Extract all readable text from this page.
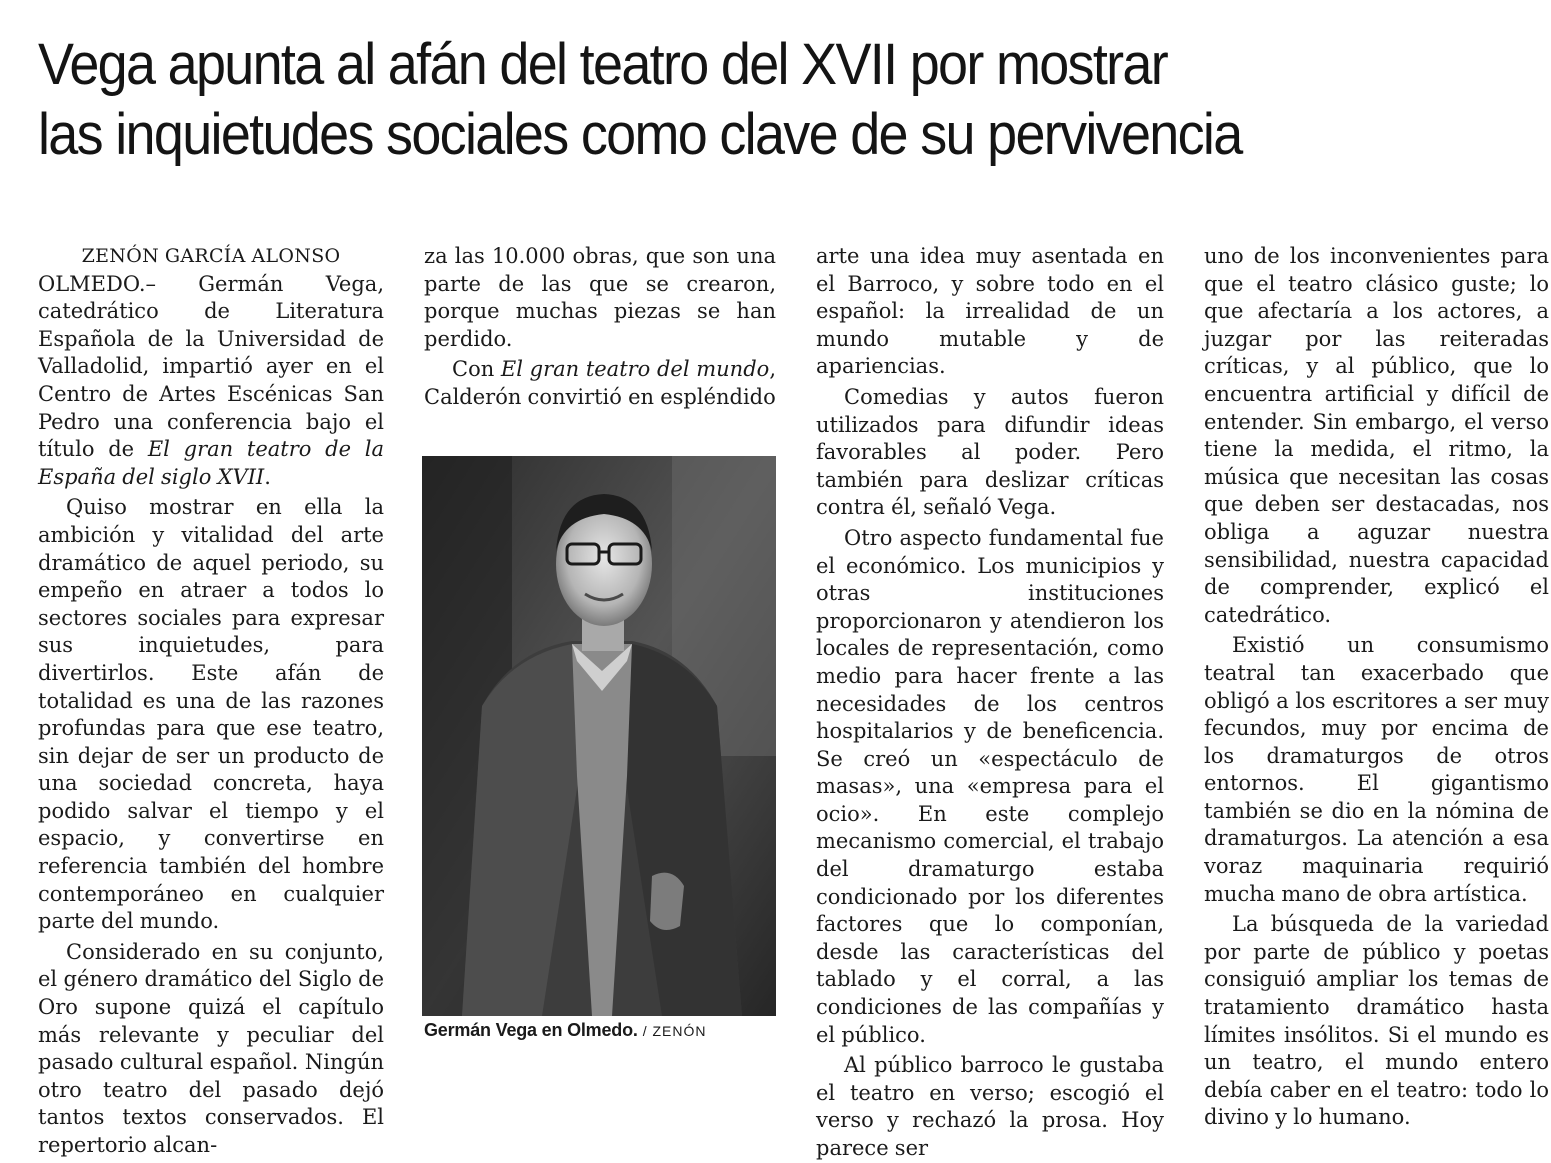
Vega apunta al afán del teatro del XVII por mostrar
las inquietudes sociales como clave de su pervivencia

ZENÓN GARCÍA ALONSO

OLMEDO.– Germán Vega, catedrático de Literatura Española de la Universidad de Valladolid, impartió ayer en el Centro de Artes Escénicas San Pedro una conferencia bajo el título de El gran teatro de la España del siglo XVII.

Quiso mostrar en ella la ambición y vitalidad del arte dramático de aquel periodo, su empeño en atraer a todos lo sectores sociales para expresar sus inquietudes, para divertirlos. Este afán de totalidad es una de las razones profundas para que ese teatro, sin dejar de ser un producto de una sociedad concreta, haya podido salvar el tiempo y el espacio, y convertirse en referencia también del hombre contemporáneo en cualquier parte del mundo.

Considerado en su conjunto, el género dramático del Siglo de Oro supone quizá el capítulo más relevante y peculiar del pasado cultural español. Ningún otro teatro del pasado dejó tantos textos conservados. El repertorio alcan-

za las 10.000 obras, que son una parte de las que se crearon, porque muchas piezas se han perdido.

Con El gran teatro del mundo, Calderón convirtió en espléndido

Germán Vega en Olmedo. / ZENÓN

arte una idea muy asentada en el Barroco, y sobre todo en el español: la irrealidad de un mundo mutable y de apariencias.

Comedias y autos fueron utilizados para difundir ideas favorables al poder. Pero también para deslizar críticas contra él, señaló Vega.

Otro aspecto fundamental fue el económico. Los municipios y otras instituciones proporcionaron y atendieron los locales de representación, como medio para hacer frente a las necesidades de los centros hospitalarios y de beneficencia. Se creó un «espectáculo de masas», una «empresa para el ocio». En este complejo mecanismo comercial, el trabajo del dramaturgo estaba condicionado por los diferentes factores que lo componían, desde las características del tablado y el corral, a las condiciones de las compañías y el público.

Al público barroco le gustaba el teatro en verso; escogió el verso y rechazó la prosa. Hoy parece ser

uno de los inconvenientes para que el teatro clásico guste; lo que afectaría a los actores, a juzgar por las reiteradas críticas, y al público, que lo encuentra artificial y difícil de entender. Sin embargo, el verso tiene la medida, el ritmo, la música que necesitan las cosas que deben ser destacadas, nos obliga a aguzar nuestra sensibilidad, nuestra capacidad de comprender, explicó el catedrático.

Existió un consumismo teatral tan exacerbado que obligó a los escritores a ser muy fecundos, muy por encima de los dramaturgos de otros entornos. El gigantismo también se dio en la nómina de dramaturgos. La atención a esa voraz maquinaria requirió mucha mano de obra artística.

La búsqueda de la variedad por parte de público y poetas consiguió ampliar los temas de tratamiento dramático hasta límites insólitos. Si el mundo es un teatro, el mundo entero debía caber en el teatro: todo lo divino y lo humano.
